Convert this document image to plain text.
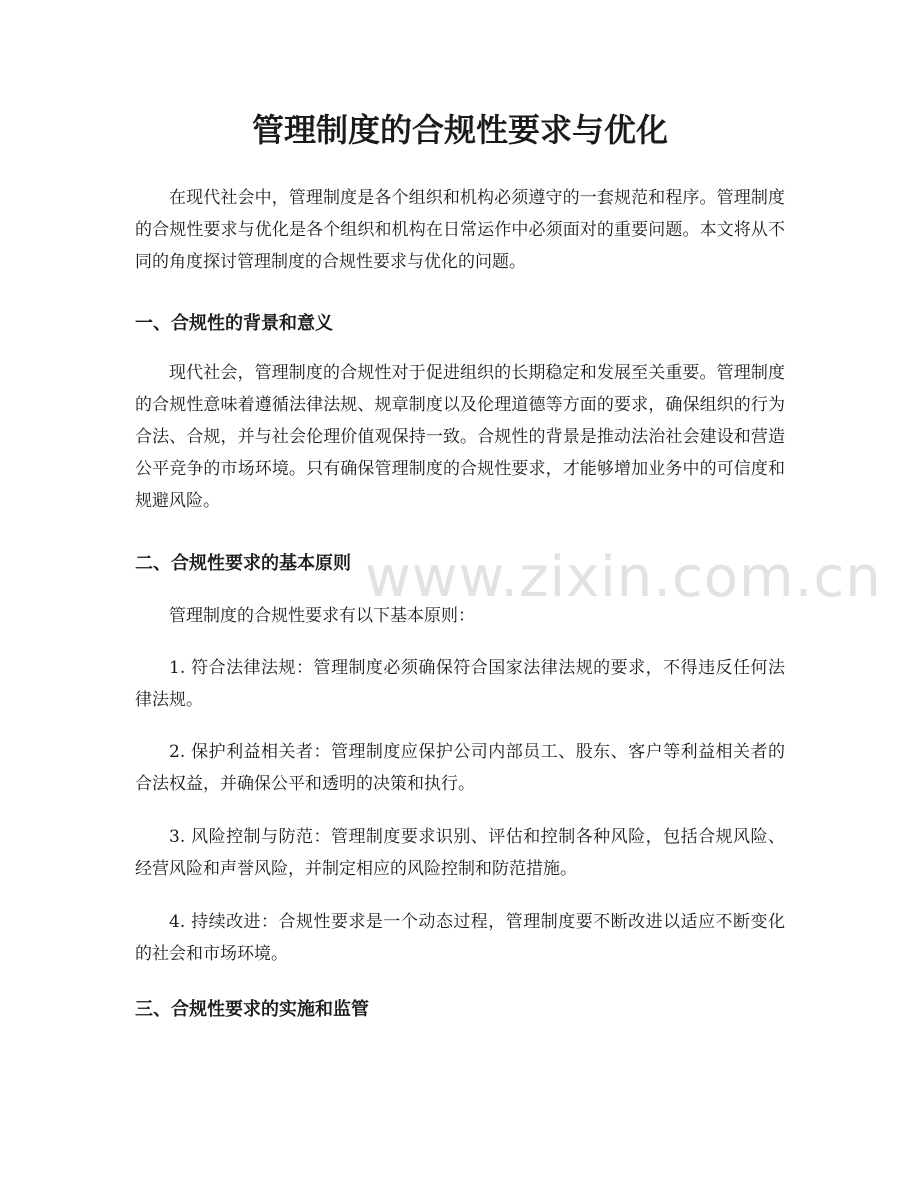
管理制度的合规性要求与优化

在现代社会中，管理制度是各个组织和机构必须遵守的一套规范和程序。管理制度的合规性要求与优化是各个组织和机构在日常运作中必须面对的重要问题。本文将从不同的角度探讨管理制度的合规性要求与优化的问题。

一、合规性的背景和意义

现代社会，管理制度的合规性对于促进组织的长期稳定和发展至关重要。管理制度的合规性意味着遵循法律法规、规章制度以及伦理道德等方面的要求，确保组织的行为合法、合规，并与社会伦理价值观保持一致。合规性的背景是推动法治社会建设和营造公平竞争的市场环境。只有确保管理制度的合规性要求，才能够增加业务中的可信度和规避风险。

二、合规性要求的基本原则

管理制度的合规性要求有以下基本原则：

1. 符合法律法规：管理制度必须确保符合国家法律法规的要求，不得违反任何法律法规。

2. 保护利益相关者：管理制度应保护公司内部员工、股东、客户等利益相关者的合法权益，并确保公平和透明的决策和执行。

3. 风险控制与防范：管理制度要求识别、评估和控制各种风险，包括合规风险、经营风险和声誉风险，并制定相应的风险控制和防范措施。

4. 持续改进：合规性要求是一个动态过程，管理制度要不断改进以适应不断变化的社会和市场环境。

三、合规性要求的实施和监管
www.zixin.com.cn
